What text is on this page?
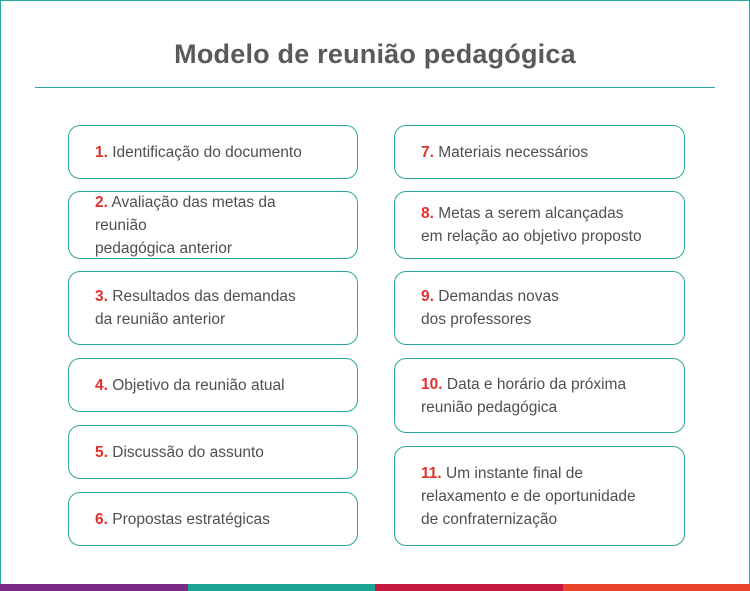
Modelo de reunião pedagógica
1. Identificação do documento
2. Avaliação das metas da reunião
pedagógica anterior
3. Resultados das demandas
da reunião anterior
4. Objetivo da reunião atual
5. Discussão do assunto
6. Propostas estratégicas
7. Materiais necessários
8. Metas a serem alcançadas
em relação ao objetivo proposto
9. Demandas novas
dos professores
10. Data e horário da próxima
reunião pedagógica
11. Um instante final de
relaxamento e de oportunidade
de confraternização
